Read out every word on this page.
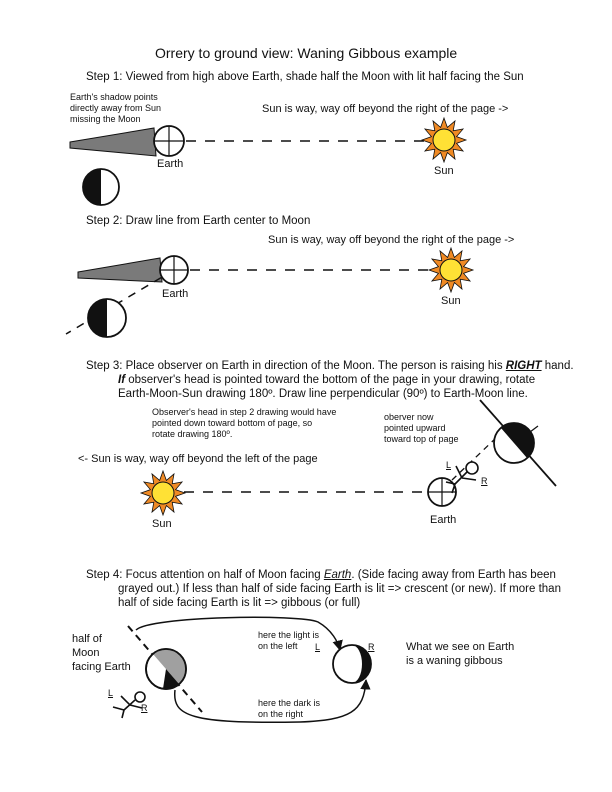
Orrery to ground view: Waning Gibbous example
Step 1: Viewed from high above Earth, shade half the Moon with lit half facing the Sun
Earth's shadow points
directly away from Sun
missing the Moon
Sun is way, way off beyond the right of the page ->
Earth
Sun
Step 2: Draw line from Earth center to Moon
Sun is way, way off beyond the right of the page ->
Earth
Sun
Step 3: Place observer on Earth in direction of the Moon. The person is raising his RIGHT hand.
If observer's head is pointed toward the bottom of the page in your drawing, rotate
Earth-Moon-Sun drawing 180º. Draw line perpendicular (90º) to Earth-Moon line.
Observer's head in step 2 drawing would have
pointed down toward bottom of page, so
rotate drawing 180º.
oberver now
pointed upward
toward top of page
<- Sun is way, way off beyond the left of the page
Sun	Earth
L
R
Step 4: Focus attention on half of Moon facing Earth. (Side facing away from Earth has been
grayed out.) If less than half of side facing Earth is lit => crescent (or new). If more than
half of side facing Earth is lit => gibbous (or full)
half of
Moon
facing Earth
here the light is
on the left
here the dark is
on the right
What we see on Earth
is a waning gibbous
L	R
L
R
